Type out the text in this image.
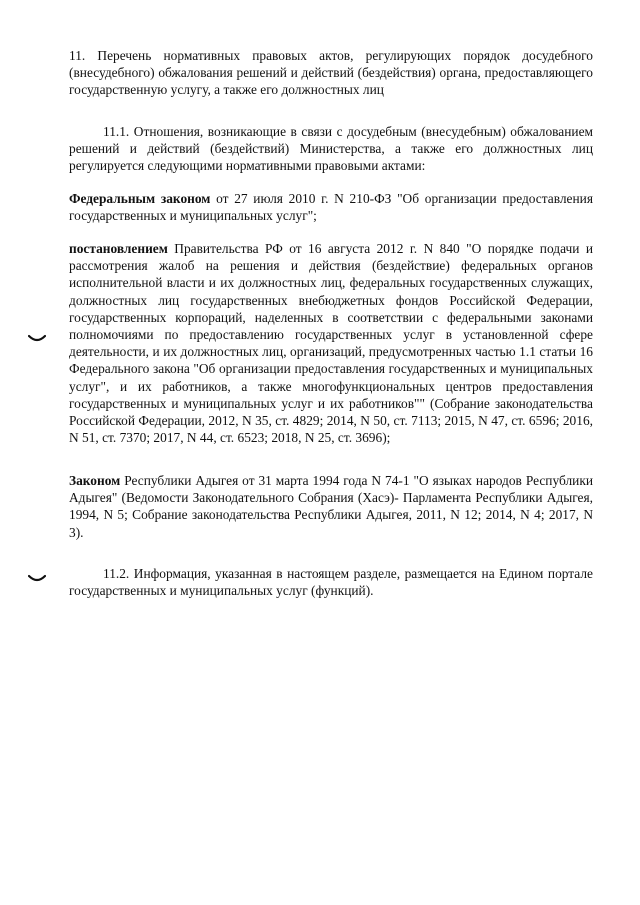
11. Перечень нормативных правовых актов, регулирующих порядок досудебного (внесудебного) обжалования решений и действий (бездействия) органа, предоставляющего государственную услугу, а также его должностных лиц

11.1. Отношения, возникающие в связи с досудебным (внесудебным) обжалованием решений и действий (бездействий) Министерства, а также его должностных лиц регулируется следующими нормативными правовыми актами:

Федеральным законом от 27 июля 2010 г. N 210-ФЗ "Об организации предоставления государственных и муниципальных услуг";

постановлением Правительства РФ от 16 августа 2012 г. N 840 "О порядке подачи и рассмотрения жалоб на решения и действия (бездействие) федеральных органов исполнительной власти и их должностных лиц, федеральных государственных служащих, должностных лиц государственных внебюджетных фондов Российской Федерации, государственных корпораций, наделенных в соответствии с федеральными законами полномочиями по предоставлению государственных услуг в установленной сфере деятельности, и их должностных лиц, организаций, предусмотренных частью 1.1 статьи 16 Федерального закона "Об организации предоставления государственных и муниципальных услуг", и их работников, а также многофункциональных центров предоставления государственных и муниципальных услуг и их работников"" (Собрание законодательства Российской Федерации, 2012, N 35, ст. 4829; 2014, N 50, ст. 7113; 2015, N 47, ст. 6596; 2016, N 51, ст. 7370; 2017, N 44, ст. 6523; 2018, N 25, ст. 3696);

Законом Республики Адыгея от 31 марта 1994 года N 74-1 "О языках народов Республики Адыгея" (Ведомости Законодательного Собрания (Хасэ)- Парламента Республики Адыгея, 1994, N 5; Собрание законодательства Республики Адыгея, 2011, N 12; 2014, N 4; 2017, N 3).

11.2. Информация, указанная в настоящем разделе, размещается на Едином портале государственных и муниципальных услуг (функций).
